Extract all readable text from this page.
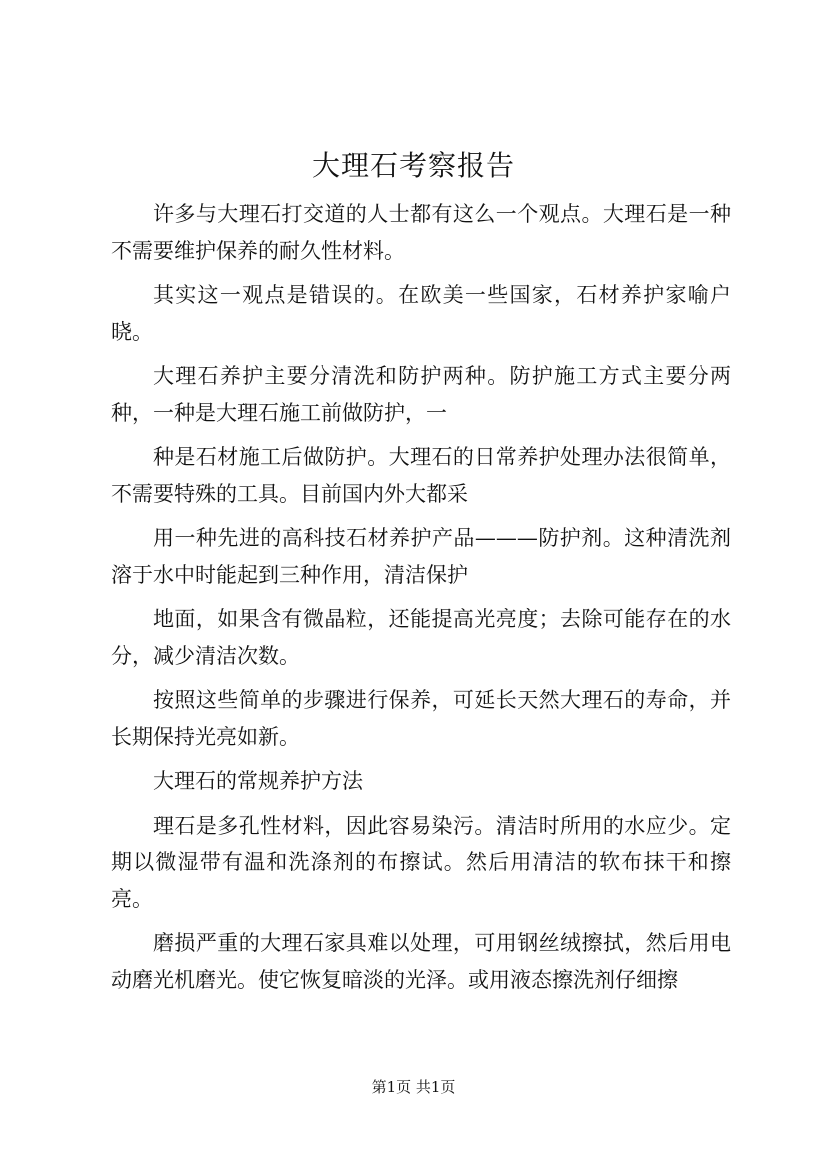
大理石考察报告

许多与大理石打交道的人士都有这么一个观点。大理石是一种不需要维护保养的耐久性材料。

其实这一观点是错误的。在欧美一些国家，石材养护家喻户晓。

大理石养护主要分清洗和防护两种。防护施工方式主要分两种，一种是大理石施工前做防护，一

种是石材施工后做防护。大理石的日常养护处理办法很简单，不需要特殊的工具。目前国内外大都采

用一种先进的高科技石材养护产品———防护剂。这种清洗剂溶于水中时能起到三种作用，清洁保护

地面，如果含有微晶粒，还能提高光亮度；去除可能存在的水分，减少清洁次数。

按照这些简单的步骤进行保养，可延长天然大理石的寿命，并长期保持光亮如新。

大理石的常规养护方法

理石是多孔性材料，因此容易染污。清洁时所用的水应少。定期以微湿带有温和洗涤剂的布擦试。然后用清洁的软布抹干和擦亮。

磨损严重的大理石家具难以处理，可用钢丝绒擦拭，然后用电动磨光机磨光。使它恢复暗淡的光泽。或用液态擦洗剂仔细擦

第1页 共1页
